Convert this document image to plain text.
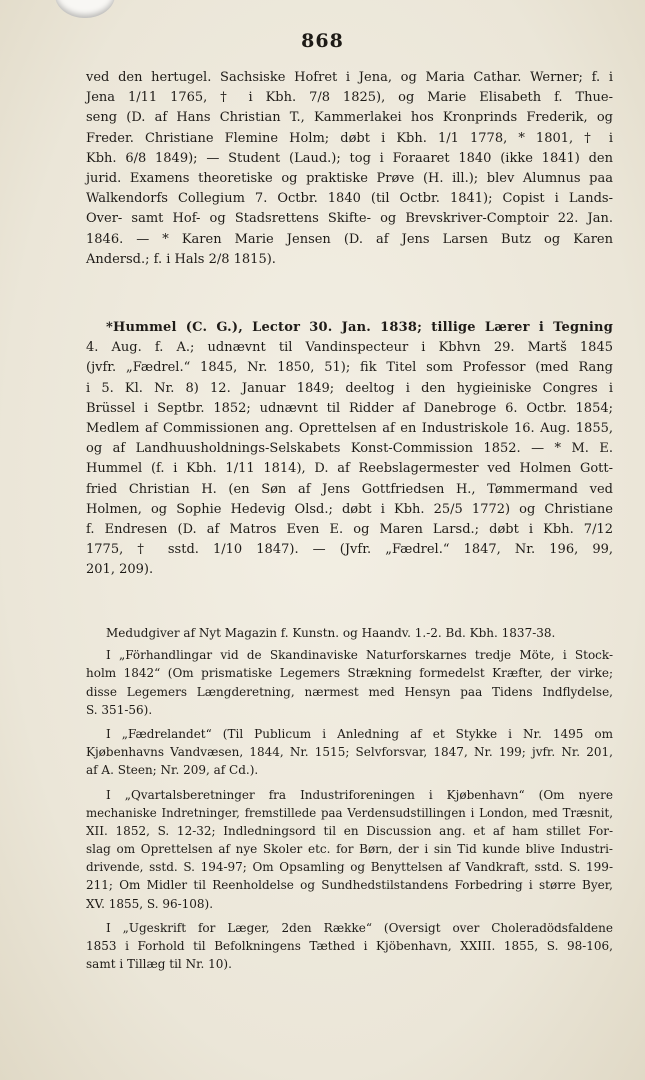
868
ved den hertugel. Sachsiske Hofret i Jena, og Maria Cathar. Werner; f. i
Jena 1/11 1765, † i Kbh. 7/8 1825), og Marie Elisabeth f. Thue-
seng (D. af Hans Christian T., Kammerlakei hos Kronprinds Frederik, og
Freder. Christiane Flemine Holm; døbt i Kbh. 1/1 1778, * 1801, † i
Kbh. 6/8 1849); — Student (Laud.); tog i Foraaret 1840 (ikke 1841) den
jurid. Examens theoretiske og praktiske Prøve (H. ill.); blev Alumnus paa
Walkendorfs Collegium 7. Octbr. 1840 (til Octbr. 1841); Copist i Lands-
Over- samt Hof- og Stadsrettens Skifte- og Brevskriver-Comptoir 22. Jan.
1846. — * Karen Marie Jensen (D. af Jens Larsen Butz og Karen
Andersd.; f. i Hals 2/8 1815).
*Hummel (C. G.), Lector 30. Jan. 1838; tillige Lærer i Tegning
4. Aug. f. A.; udnævnt til Vandinspecteur i Kbhvn 29. Martš 1845
(jvfr. „Fædrel.“ 1845, Nr. 1850, 51); fik Titel som Professor (med Rang
i 5. Kl. Nr. 8) 12. Januar 1849; deeltog i den hygieiniske Congres i
Brüssel i Septbr. 1852; udnævnt til Ridder af Danebroge 6. Octbr. 1854;
Medlem af Commissionen ang. Oprettelsen af en Industriskole 16. Aug. 1855,
og af Landhuusholdnings-Selskabets Konst-Commission 1852. — * M. E.
Hummel (f. i Kbh. 1/11 1814), D. af Reebslagermester ved Holmen Gott-
fried Christian H. (en Søn af Jens Gottfriedsen H., Tømmermand ved
Holmen, og Sophie Hedevig Olsd.; døbt i Kbh. 25/5 1772) og Christiane
f. Endresen (D. af Matros Even E. og Maren Larsd.; døbt i Kbh. 7/12
1775, † sstd. 1/10 1847). — (Jvfr. „Fædrel.“ 1847, Nr. 196, 99,
201, 209).
Medudgiver af Nyt Magazin f. Kunstn. og Haandv. 1.-2. Bd. Kbh. 1837-38.
I „Förhandlingar vid de Skandinaviske Naturforskarnes tredje Möte, i Stock-
holm 1842“ (Om prismatiske Legemers Strækning formedelst Kræfter, der virke;
disse Legemers Længderetning, nærmest med Hensyn paa Tidens Indflydelse,
S. 351-56).
I „Fædrelandet“ (Til Publicum i Anledning af et Stykke i Nr. 1495 om
Kjøbenhavns Vandvæsen, 1844, Nr. 1515; Selvforsvar, 1847, Nr. 199; jvfr. Nr. 201,
af A. Steen; Nr. 209, af Cd.).
I „Qvartalsberetninger fra Industriforeningen i Kjøbenhavn“ (Om nyere
mechaniske Indretninger, fremstillede paa Verdensudstillingen i London, med Træsnit,
XII. 1852, S. 12-32; Indledningsord til en Discussion ang. et af ham stillet For-
slag om Oprettelsen af nye Skoler etc. for Børn, der i sin Tid kunde blive Industri-
drivende, sstd. S. 194-97; Om Opsamling og Benyttelsen af Vandkraft, sstd. S. 199-
211; Om Midler til Reenholdelse og Sundhedstilstandens Forbedring i større Byer,
XV. 1855, S. 96-108).
I „Ugeskrift for Læger, 2den Række“ (Oversigt over Choleradödsfaldene
1853 i Forhold til Befolkningens Tæthed i Kjöbenhavn, XXIII. 1855, S. 98-106,
samt i Tillæg til Nr. 10).
